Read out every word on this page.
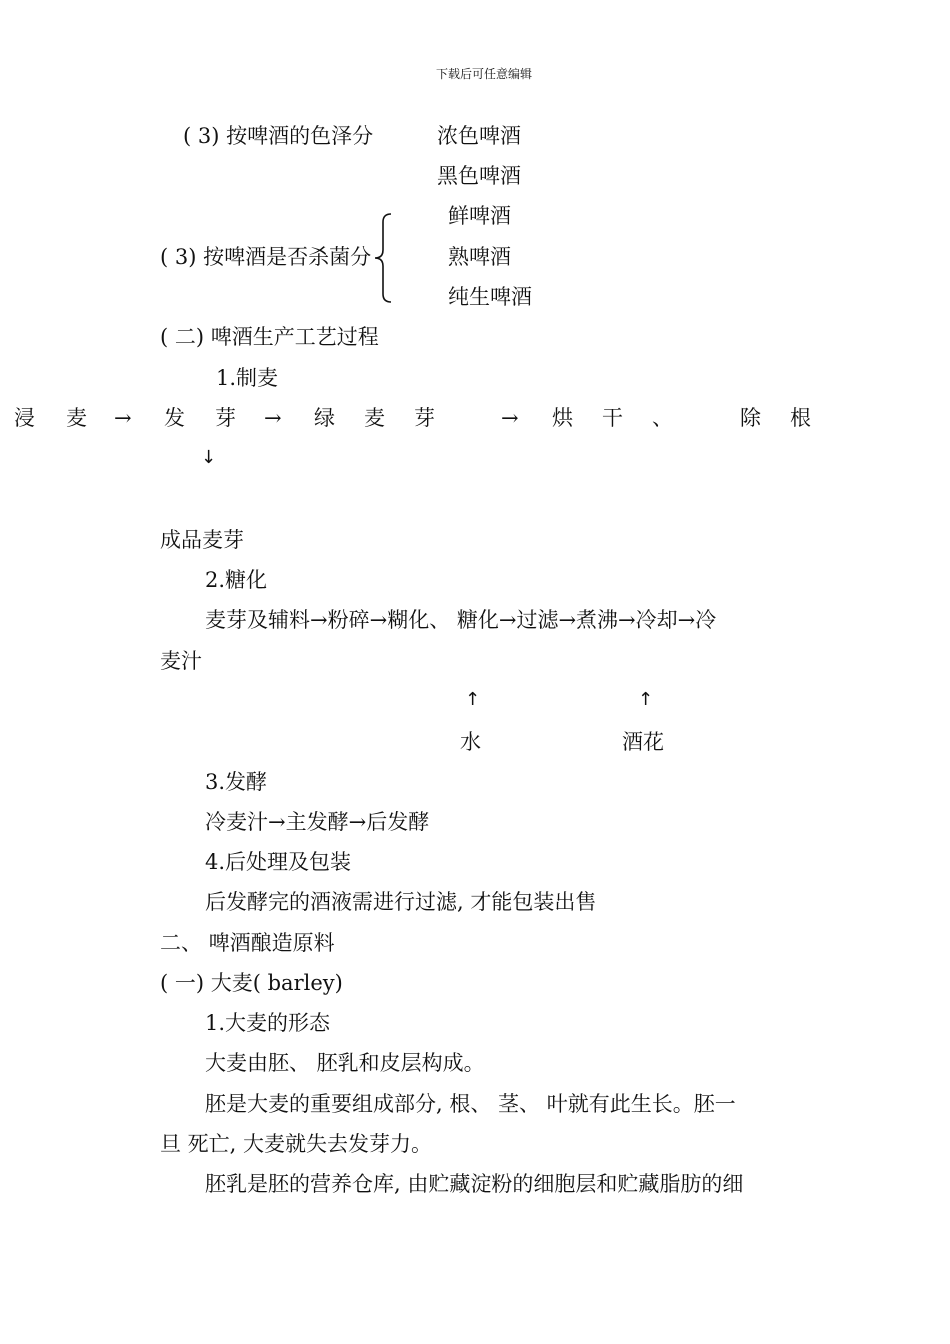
下载后可任意编辑
( 3) 按啤酒的色泽分	浓色啤酒
黑色啤酒
鲜啤酒
( 3) 按啤酒是否杀菌分	熟啤酒
纯生啤酒
( 二) 啤酒生产工艺过程
1.制麦
浸 麦 → 发 芽 → 绿 麦 芽	→ 烘 干 、	除 根
↓
成品麦芽
2.糖化
麦芽及辅料→粉碎→糊化、 糖化→过滤→煮沸→冷却→冷
麦汁
↑	↑
水	酒花
3.发酵
冷麦汁→主发酵→后发酵
4.后处理及包装
后发酵完的酒液需进行过滤, 才能包装出售
二、 啤酒酿造原料
( 一) 大麦( barley)
1.大麦的形态
大麦由胚、 胚乳和皮层构成。
胚是大麦的重要组成部分, 根、 茎、 叶就有此生长。胚一
旦 死亡, 大麦就失去发芽力。
胚乳是胚的营养仓库, 由贮藏淀粉的细胞层和贮藏脂肪的细
